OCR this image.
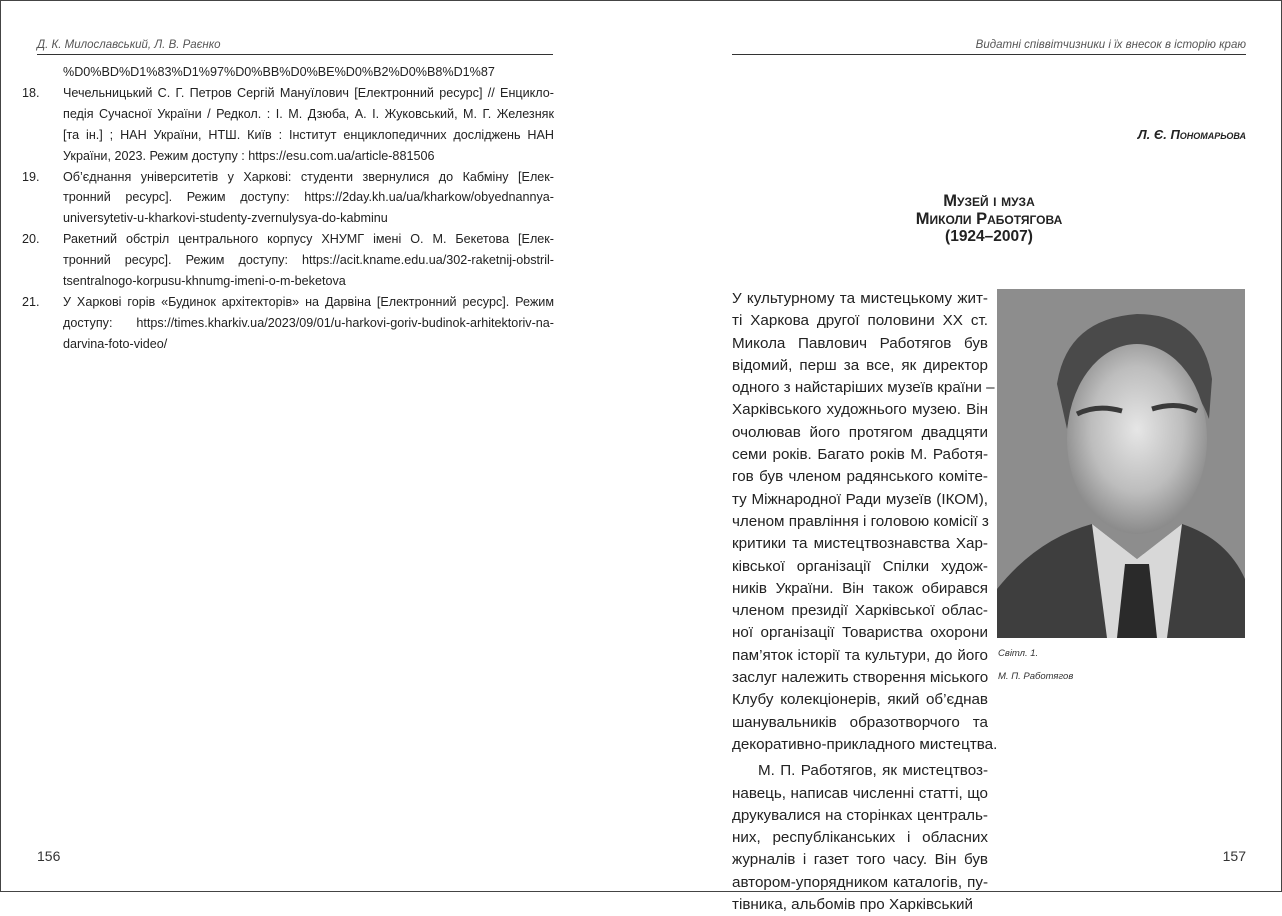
Д. К. Милославський, Л. В. Раєнко
%D0%BD%D1%83%D1%97%D0%BB%D0%BE%D0%B2%D0%B8%D1%87
18. Чечельницький С. Г. Петров Сергій Мануїлович [Електронний ресурс] // Енцикло-
педія Сучасної України / Редкол. : І. М. Дзюба, А. І. Жуковський, М. Г. Железняк
[та ін.] ; НАН України, НТШ. Київ : Інститут енциклопедичних досліджень НАН
України, 2023. Режим доступу : https://esu.com.ua/article-881506
19. Об’єднання університетів у Харкові: студенти звернулися до Кабміну [Елек-
тронний ресурс]. Режим доступу: https://2day.kh.ua/ua/kharkow/obyednannya-
universytetiv-u-kharkovi-studenty-zvernulysya-do-kabminu
20. Ракетний обстріл центрального корпусу ХНУМГ імені О. М. Бекетова [Елек-
тронний ресурс]. Режим доступу: https://acit.kname.edu.ua/302-raketnij-obstril-
tsentralnogo-korpusu-khnumg-imeni-o-m-beketova
21. У Харкові горів «Будинок архітекторів» на Дарвіна [Електронний ресурс]. Режим
доступу: https://times.kharkiv.ua/2023/09/01/u-harkovi-goriv-budinok-arhitektoriv-na-
darvina-foto-video/
156
Видатні співвітчизники і їх внесок в історію краю
Л. Є. Пономарьова
Музей і муза
Миколи Работягова
(1924–2007)
У культурному та мистецькому жит-
ті Харкова другої половини XX ст.
Микола Павлович Работягов був
відомий, перш за все, як директор
одного з найстаріших музеїв країни –
Харківського художнього музею. Він
очолював його протягом двадцяти
семи років. Багато років М. Работя-
гов був членом радянського коміте-
ту Міжнародної Ради музеїв (ІКОМ),
членом правління і головою комісії з
критики та мистецтвознавства Хар-
ківської організації Спілки худож-
ників України. Він також обирався
членом президії Харківської облас-
ної організації Товариства охорони
пам’яток історії та культури, до його
заслуг належить створення міського
Клубу колекціонерів, який об’єднав
шанувальників образотворчого та
декоративно-прикладного мистецтва.
М. П. Работягов, як мистецтвоз-
навець, написав численні статті, що
друкувалися на сторінках централь-
них, республіканських і обласних
журналів і газет того часу. Він був
автором-упорядником каталогів, пу-
тівника, альбомів про Харківський
Світл. 1.
М. П. Работягов
157
